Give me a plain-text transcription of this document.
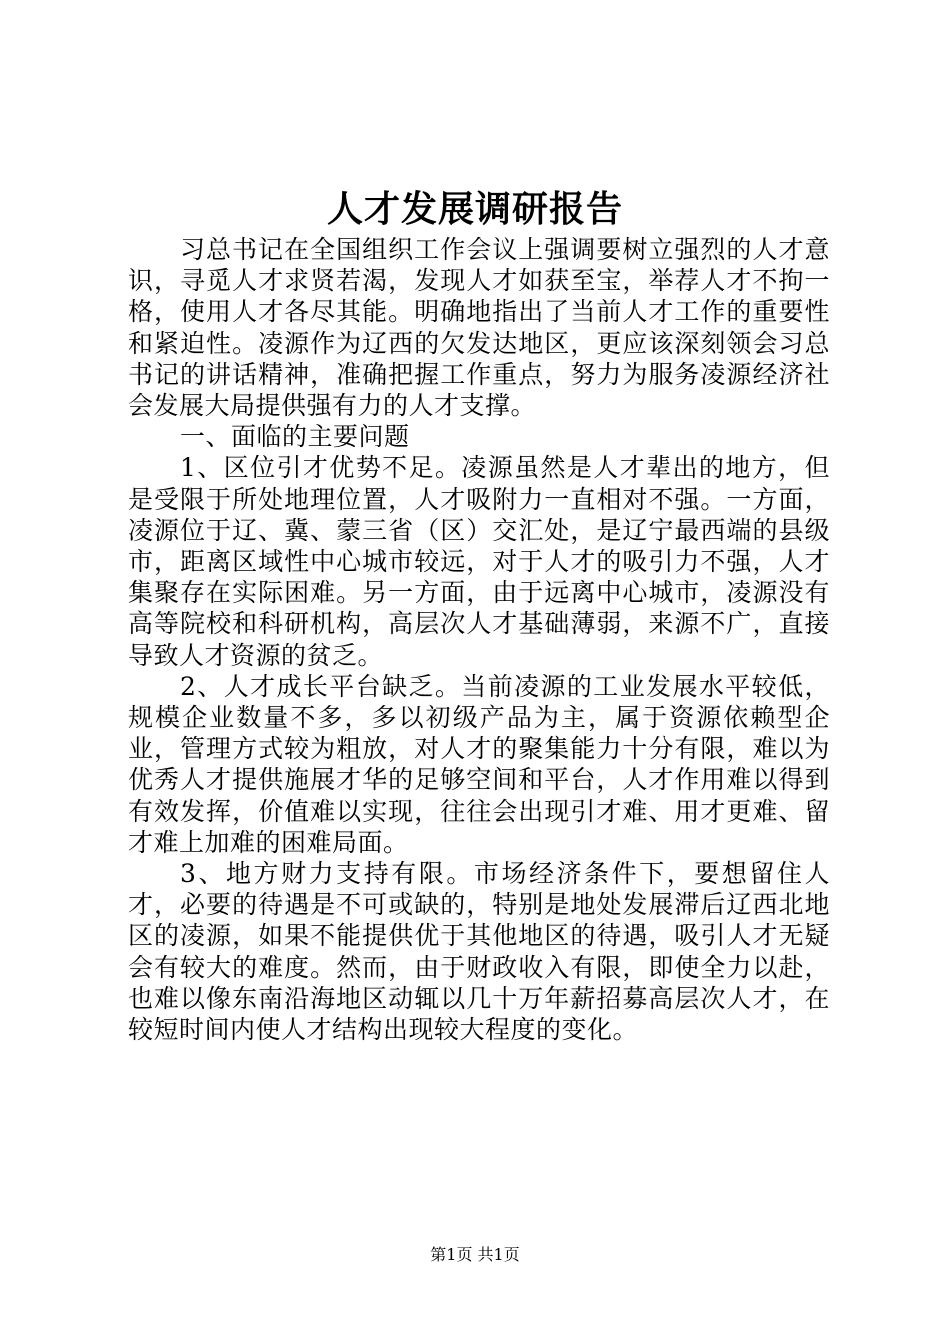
人才发展调研报告

习总书记在全国组织工作会议上强调要树立强烈的人才意识，寻觅人才求贤若渴，发现人才如获至宝，举荐人才不拘一格，使用人才各尽其能。明确地指出了当前人才工作的重要性和紧迫性。凌源作为辽西的欠发达地区，更应该深刻领会习总书记的讲话精神，准确把握工作重点，努力为服务凌源经济社会发展大局提供强有力的人才支撑。

一、面临的主要问题

1、区位引才优势不足。凌源虽然是人才辈出的地方，但是受限于所处地理位置，人才吸附力一直相对不强。一方面，凌源位于辽、冀、蒙三省（区）交汇处，是辽宁最西端的县级市，距离区域性中心城市较远，对于人才的吸引力不强，人才集聚存在实际困难。另一方面，由于远离中心城市，凌源没有高等院校和科研机构，高层次人才基础薄弱，来源不广，直接导致人才资源的贫乏。

2、人才成长平台缺乏。当前凌源的工业发展水平较低，规模企业数量不多，多以初级产品为主，属于资源依赖型企业，管理方式较为粗放，对人才的聚集能力十分有限，难以为优秀人才提供施展才华的足够空间和平台，人才作用难以得到有效发挥，价值难以实现，往往会出现引才难、用才更难、留才难上加难的困难局面。

3、地方财力支持有限。市场经济条件下，要想留住人才，必要的待遇是不可或缺的，特别是地处发展滞后辽西北地区的凌源，如果不能提供优于其他地区的待遇，吸引人才无疑会有较大的难度。然而，由于财政收入有限，即使全力以赴，也难以像东南沿海地区动辄以几十万年薪招募高层次人才，在较短时间内使人才结构出现较大程度的变化。

第1页 共1页
